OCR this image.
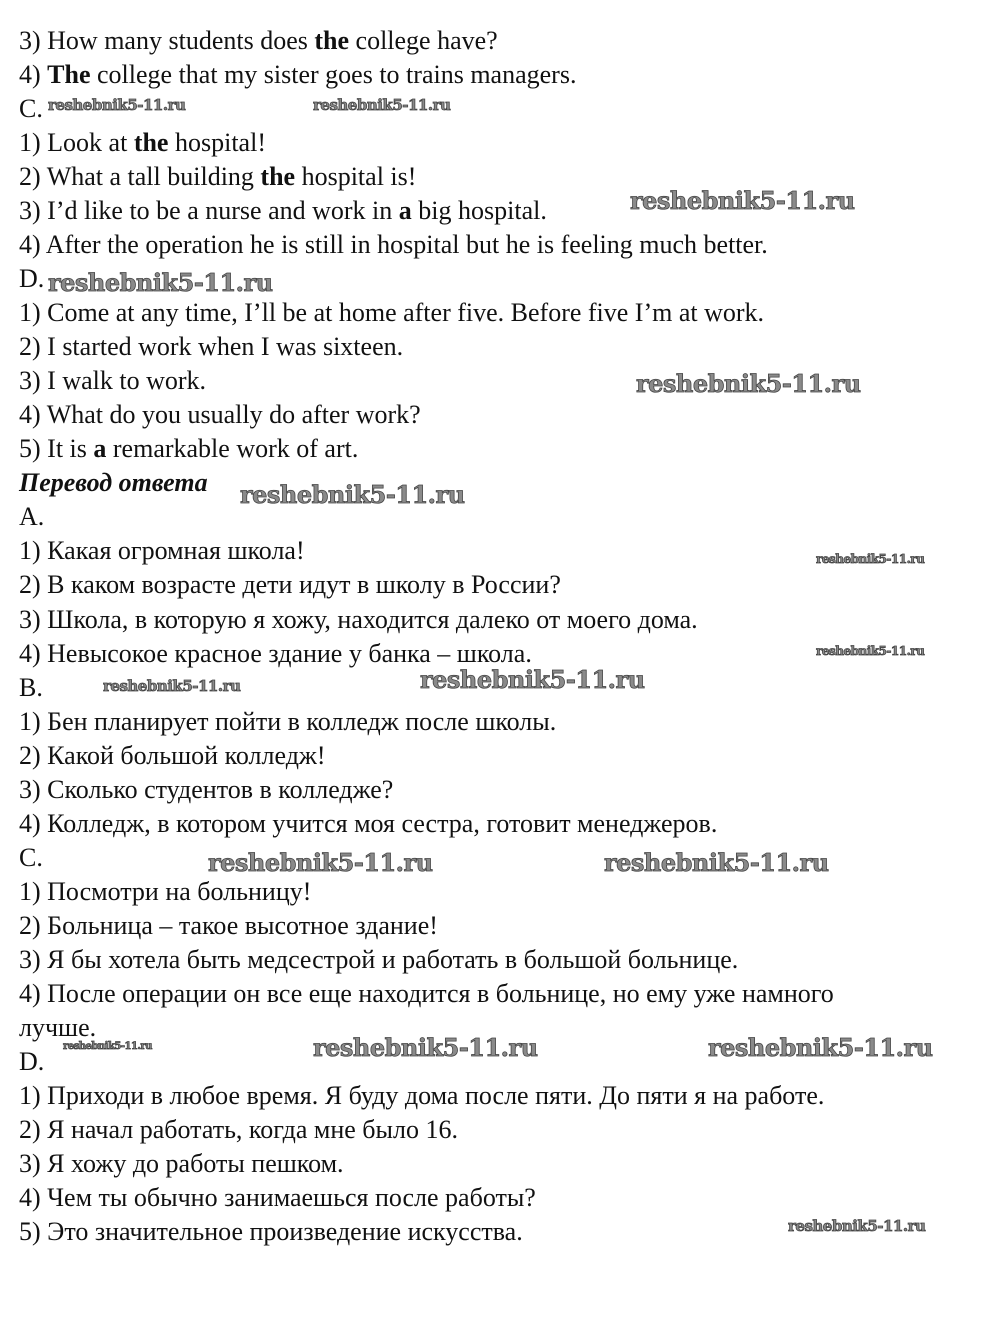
3) How many students does the college have?
4) The college that my sister goes to trains managers.
C.
1) Look at the hospital!
2) What a tall building the hospital is!
3) I’d like to be a nurse and work in a big hospital.
4) After the operation he is still in hospital but he is feeling much better.
D.
1) Come at any time, I’ll be at home after five. Before five I’m at work.
2) I started work when I was sixteen.
3) I walk to work.
4) What do you usually do after work?
5) It is a remarkable work of art.
Перевод ответа
A.
1) Какая огромная школа!
2) В каком возрасте дети идут в школу в России?
3) Школа, в которую я хожу, находится далеко от моего дома.
4) Невысокое красное здание у банка – школа.
B.
1) Бен планирует пойти в колледж после школы.
2) Какой большой колледж!
3) Сколько студентов в колледже?
4) Колледж, в котором учится моя сестра, готовит менеджеров.
C.
1) Посмотри на больницу!
2) Больница – такое высотное здание!
3) Я бы хотела быть медсестрой и работать в большой больнице.
4) После операции он все еще находится в больнице, но ему уже намного
лучше.
D.
1) Приходи в любое время. Я буду дома после пяти. До пяти я на работе.
2) Я начал работать, когда мне было 16.
3) Я хожу до работы пешком.
4) Чем ты обычно занимаешься после работы?
5) Это значительное произведение искусства.
reshebnik5-11.ru	reshebnik5-11.ru
reshebnik5-11.ru
reshebnik5-11.ru
reshebnik5-11.ru
reshebnik5-11.ru
reshebnik5-11.ru
reshebnik5-11.ru
reshebnik5-11.ru	reshebnik5-11.ru
reshebnik5-11.ru	reshebnik5-11.ru
reshebnik5-11.ru	reshebnik5-11.ru	reshebnik5-11.ru
reshebnik5-11.ru
